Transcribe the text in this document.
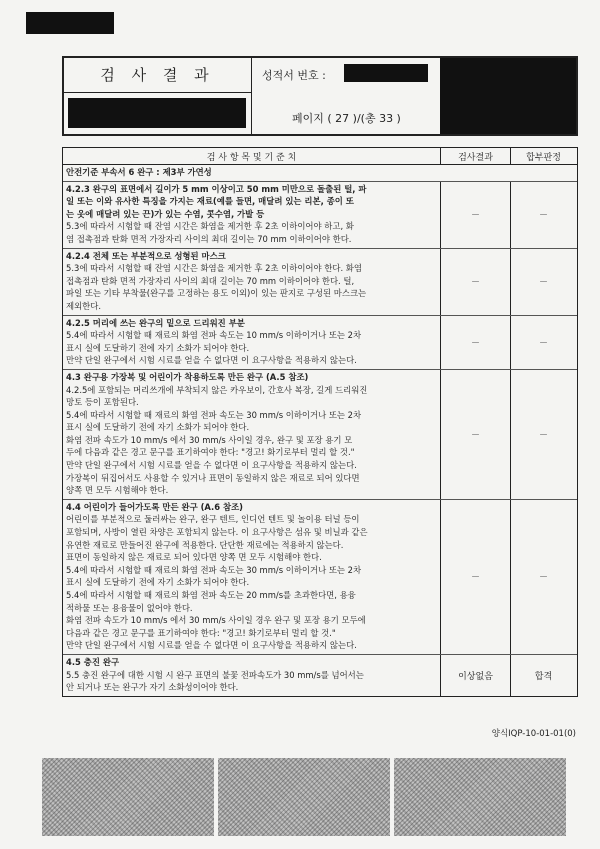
검 사 결 과	성적서 번호 :
페이지 ( 27 )/(총 33 )
검 사 항 목 및 기 준 치	검사결과	합부판정
안전기준 부속서 6 완구 : 제3부 가연성
4.2.3 완구의 표면에서 길이가 5 mm 이상이고 50 mm 미만으로 돌출된 털, 파
일 또는 이와 유사한 특징을 가지는 재료(예를 들면, 매달려 있는 리본, 종이 또
는 옷에 매달려 있는 끈)가 있는 수염, 콧수염, 가발 등
5.3에 따라서 시험할 때 잔염 시간은 화염을 제거한 후 2초 이하이어야 하고, 화
염 접촉점과 탄화 면적 가장자리 사이의 최대 길이는 70 mm 이하이어야 한다.
－	－
4.2.4 전체 또는 부분적으로 성형된 마스크
5.3에 따라서 시험할 때 잔염 시간은 화염을 제거한 후 2초 이하이어야 한다. 화염
접촉점과 탄화 면적 가장자리 사이의 최대 길이는 70 mm 이하이어야 한다. 털,
파일 또는 기타 부착물(완구를 고정하는 용도 이외)이 있는 판지로 구성된 마스크는
제외한다.
－	－
4.2.5 머리에 쓰는 완구의 밑으로 드리워진 부분
5.4에 따라서 시험할 때 재료의 화염 전파 속도는 10 mm/s 이하이거나 또는 2차
표시 실에 도달하기 전에 자기 소화가 되어야 한다.
만약 단일 완구에서 시험 시료를 얻을 수 없다면 이 요구사항을 적용하지 않는다.
－	－
4.3 완구용 가장복 및 어린이가 착용하도록 만든 완구 (A.5 참조)
4.2.5에 포함되는 머리쓰개에 부착되지 않은 카우보이, 간호사 복장, 길게 드리워진
망토 등이 포함된다.
5.4에 따라서 시험할 때 재료의 화염 전파 속도는 30 mm/s 이하이거나 또는 2차
표시 실에 도달하기 전에 자기 소화가 되어야 한다.
화염 전파 속도가 10 mm/s 에서 30 mm/s 사이일 경우, 완구 및 포장 용기 모
두에 다음과 같은 경고 문구를 표기하여야 한다: "경고! 화기로부터 멀리 할 것."
만약 단일 완구에서 시험 시료를 얻을 수 없다면 이 요구사항을 적용하지 않는다.
가장복이 뒤집어서도 사용할 수 있거나 표면이 동일하지 않은 재료로 되어 있다면
양쪽 면 모두 시험해야 한다.
－	－
4.4 어린이가 들어가도록 만든 완구 (A.6 참조)
어린이를 부분적으로 둘러싸는 완구, 완구 텐트, 인디언 텐트 및 놀이용 터널 등이
포함되며, 사방이 열린 차양은 포함되지 않는다. 이 요구사항은 섬유 및 비닐과 같은
유연한 재료로 만들어진 완구에 적용한다. 단단한 재료에는 적용하지 않는다.
표면이 동일하지 않은 재료로 되어 있다면 양쪽 면 모두 시험해야 한다.
5.4에 따라서 시험할 때 재료의 화염 전파 속도는 30 mm/s 이하이거나 또는 2차
표시 실에 도달하기 전에 자기 소화가 되어야 한다.
5.4에 따라서 시험할 때 재료의 화염 전파 속도는 20 mm/s를 초과한다면, 용융
적하물 또는 용융물이 없어야 한다.
화염 전파 속도가 10 mm/s 에서 30 mm/s 사이일 경우 완구 및 포장 용기 모두에
다음과 같은 경고 문구를 표기하여야 한다: "경고! 화기로부터 멀리 할 것."
만약 단일 완구에서 시험 시료를 얻을 수 없다면 이 요구사항을 적용하지 않는다.
－	－
4.5 충진 완구
5.5 충진 완구에 대한 시험 시 완구 표면의 불꽃 전파속도가 30 mm/s를 넘어서는
안 되거나 또는 완구가 자기 소화성이어야 한다.
이상없음	합격
양식IQP-10-01-01(0)
